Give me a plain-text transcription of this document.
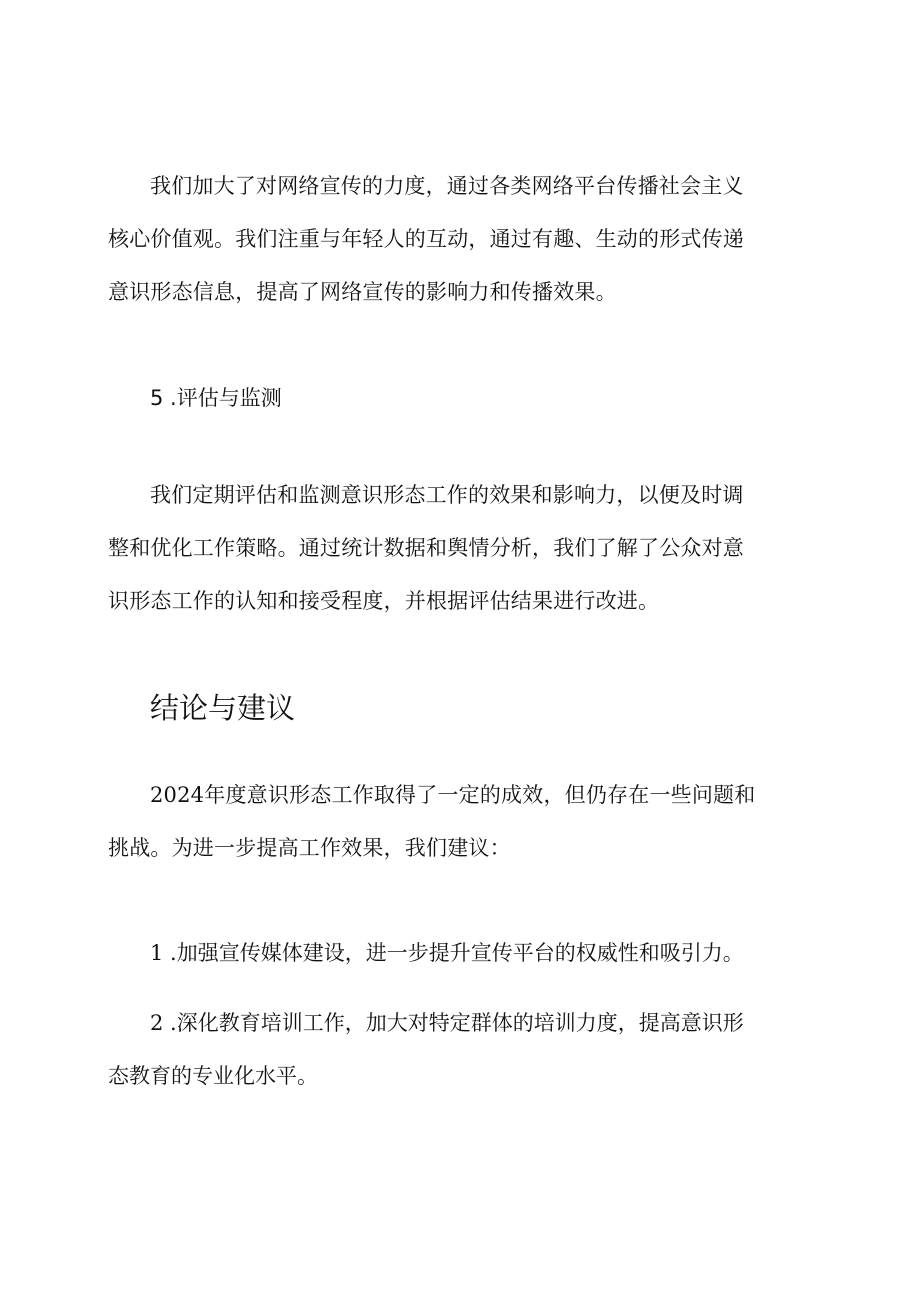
我们加大了对网络宣传的力度，通过各类网络平台传播社会主义
核心价值观。我们注重与年轻人的互动，通过有趣、生动的形式传递
意识形态信息，提高了网络宣传的影响力和传播效果。
5 .评估与监测
我们定期评估和监测意识形态工作的效果和影响力，以便及时调
整和优化工作策略。通过统计数据和舆情分析，我们了解了公众对意
识形态工作的认知和接受程度，并根据评估结果进行改进。
结论与建议
2024年度意识形态工作取得了一定的成效，但仍存在一些问题和
挑战。为进一步提高工作效果，我们建议：
1 .加强宣传媒体建设，进一步提升宣传平台的权威性和吸引力。
2 .深化教育培训工作，加大对特定群体的培训力度，提高意识形
态教育的专业化水平。
